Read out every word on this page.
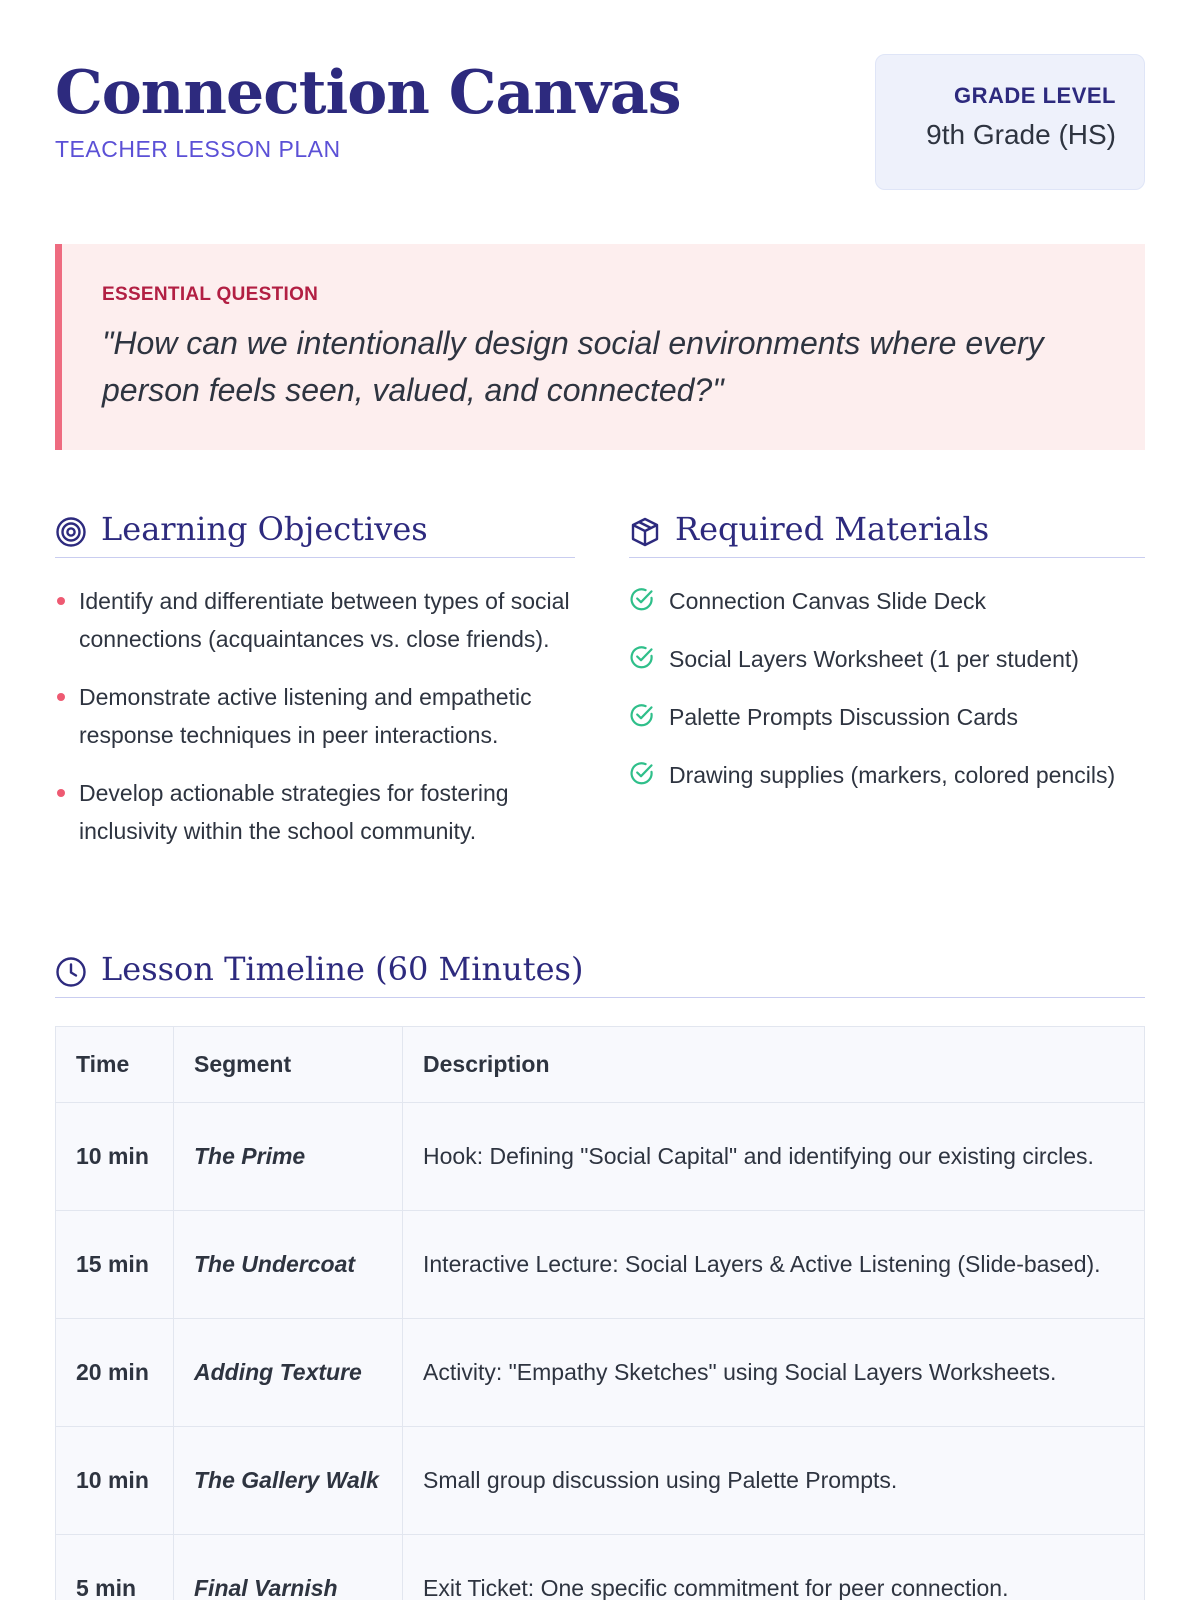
Connection Canvas
TEACHER LESSON PLAN
GRADE LEVEL
9th Grade (HS)
ESSENTIAL QUESTION
"How can we intentionally design social environments where every person feels seen, valued, and connected?"
Learning Objectives	Required Materials
Identify and differentiate between types of social connections (acquaintances vs. close friends).
Demonstrate active listening and empathetic response techniques in peer interactions.
Develop actionable strategies for fostering inclusivity within the school community.
Connection Canvas Slide Deck
Social Layers Worksheet (1 per student)
Palette Prompts Discussion Cards
Drawing supplies (markers, colored pencils)
Lesson Timeline (60 Minutes)
Time	Segment	Description
10 min	The Prime	Hook: Defining "Social Capital" and identifying our existing circles.
15 min	The Undercoat	Interactive Lecture: Social Layers & Active Listening (Slide-based).
20 min	Adding Texture	Activity: "Empathy Sketches" using Social Layers Worksheets.
10 min	The Gallery Walk	Small group discussion using Palette Prompts.
5 min	Final Varnish	Exit Ticket: One specific commitment for peer connection.
